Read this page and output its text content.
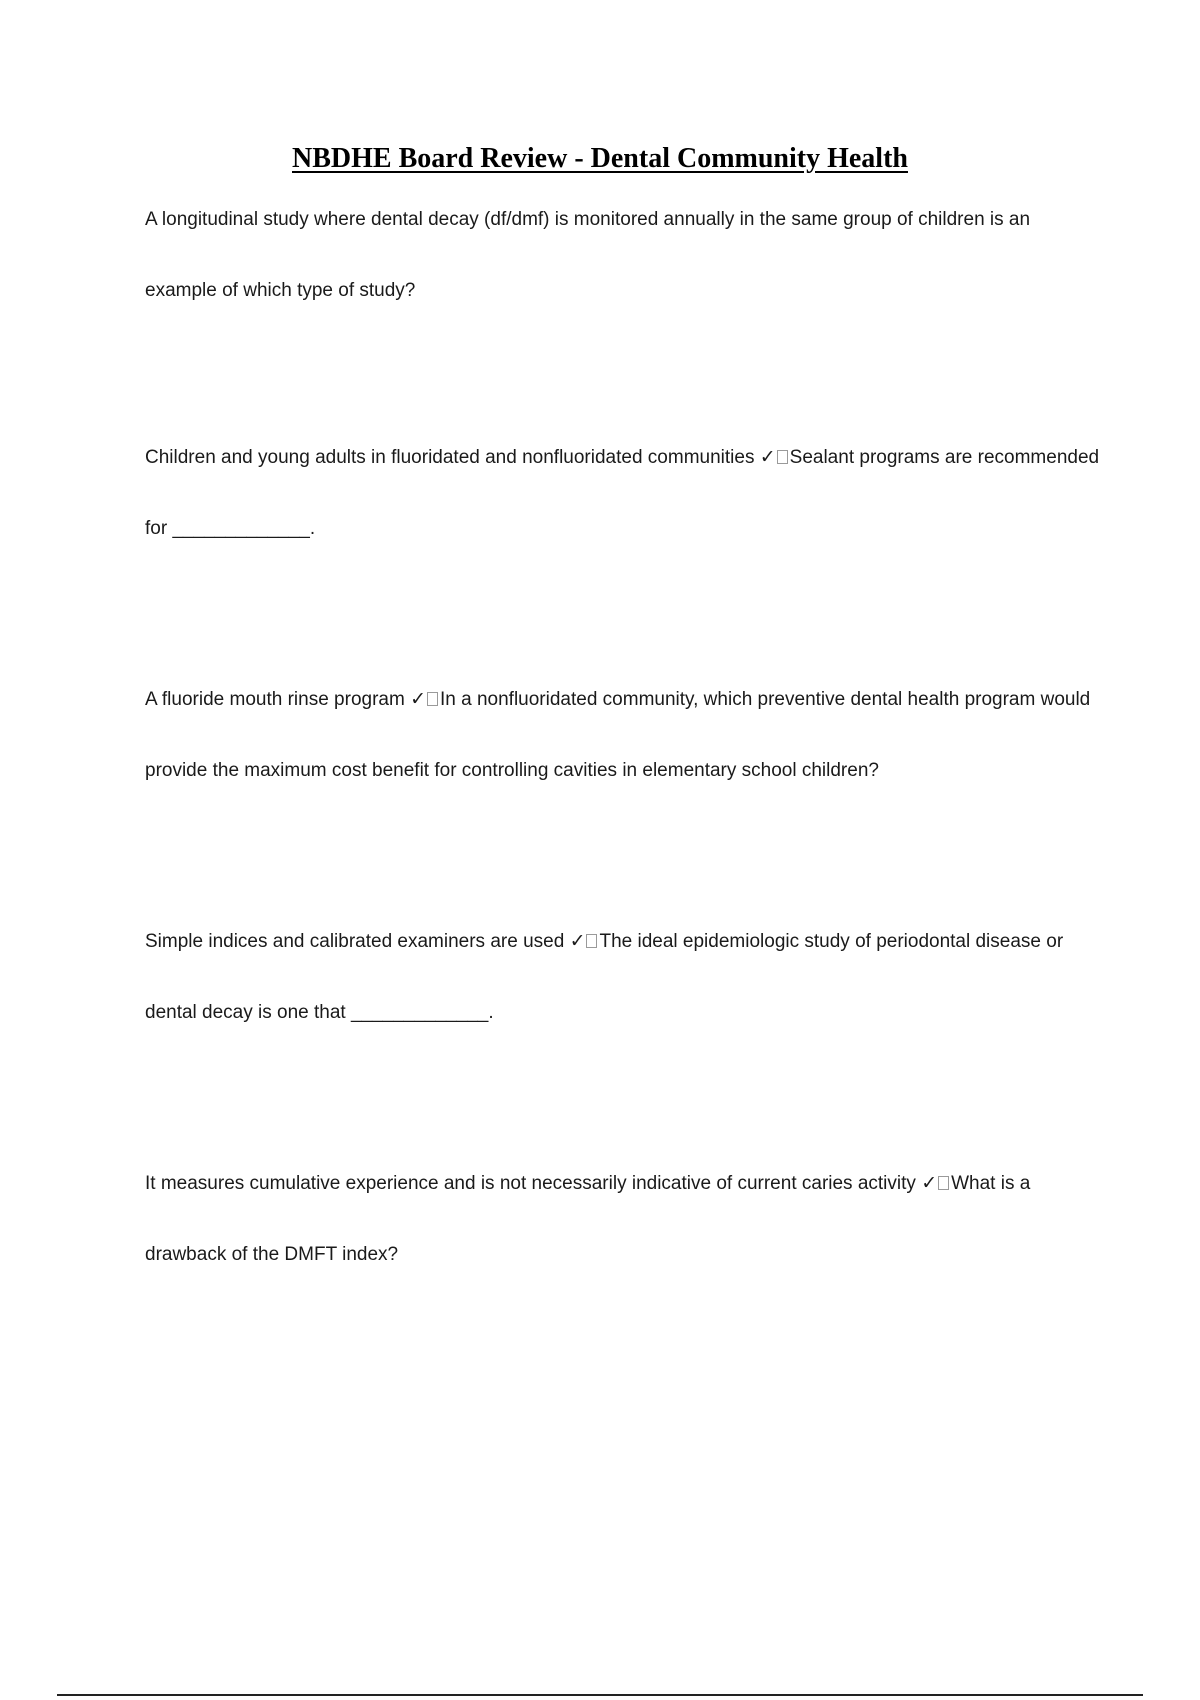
NBDHE Board Review - Dental Community Health

A longitudinal study where dental decay (df/dmf) is monitored annually in the same group of children is an example of which type of study?

Children and young adults in fluoridated and nonfluoridated communities ✓ Sealant programs are recommended for _____________.

A fluoride mouth rinse program ✓ In a nonfluoridated community, which preventive dental health program would provide the maximum cost benefit for controlling cavities in elementary school children?

Simple indices and calibrated examiners are used ✓ The ideal epidemiologic study of periodontal disease or dental decay is one that _____________.

It measures cumulative experience and is not necessarily indicative of current caries activity ✓ What is a drawback of the DMFT index?
